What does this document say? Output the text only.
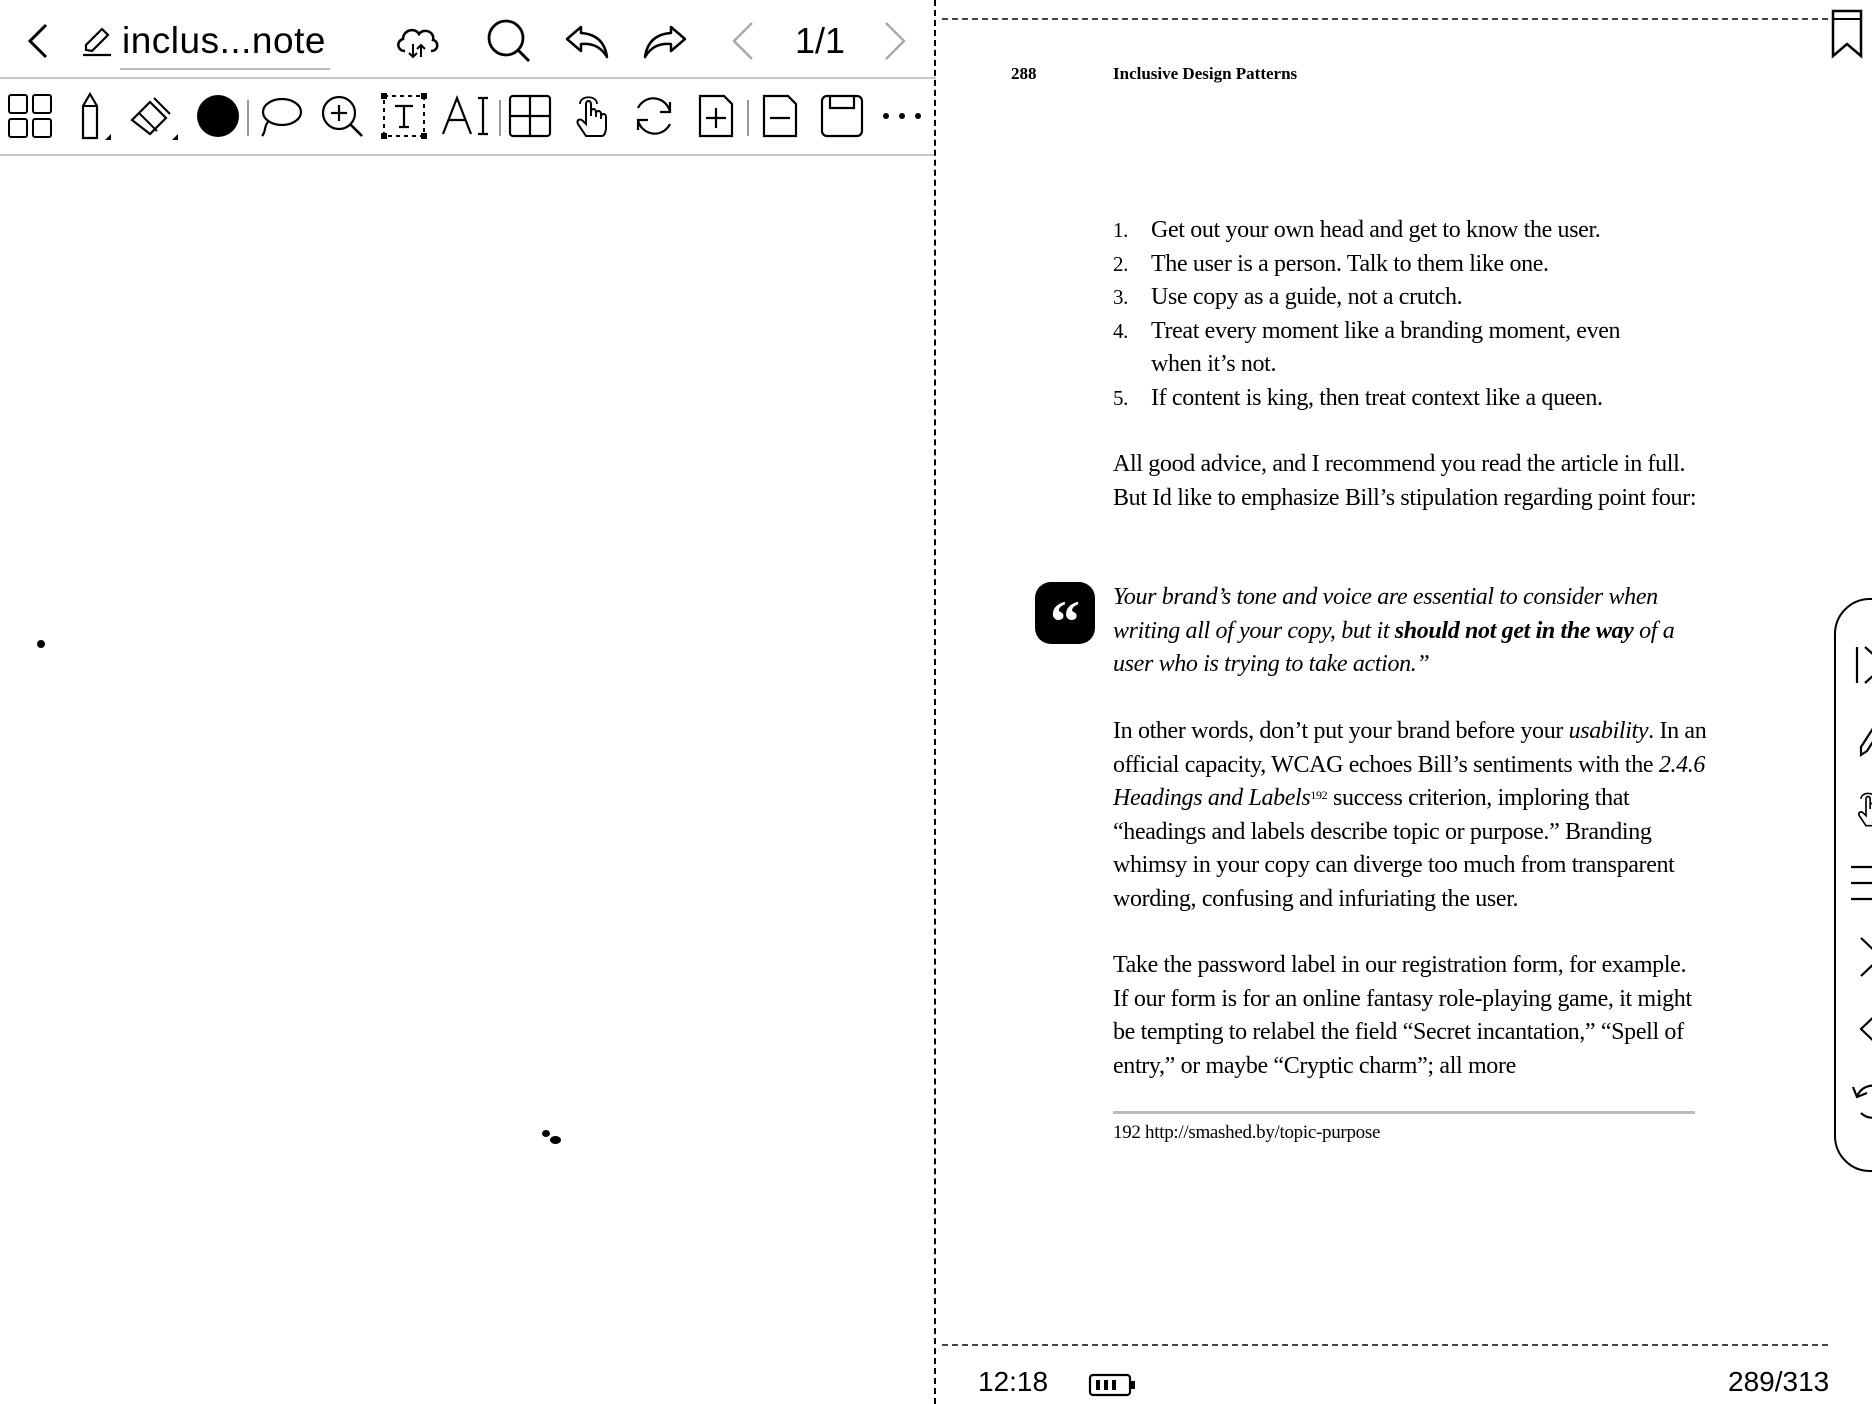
inclus...note	1/1
288	Inclusive Design Patterns
1. Get out your own head and get to know the user.
2. The user is a person. Talk to them like one.
3. Use copy as a guide, not a crutch.
4. Treat every moment like a branding moment, even when it’s not.
5. If content is king, then treat context like a queen.

All good advice, and I recommend you read the article in full. But Id like to emphasize Bill’s stipulation regarding point four:

“	Your brand’s tone and voice are essential to consider when writing all of your copy, but it should not get in the way of a user who is trying to take action.”

In other words, don’t put your brand before your usability. In an official capacity, WCAG echoes Bill’s sentiments with the 2.4.6 Headings and Labels$^{192}$ success criterion, imploring that “headings and labels describe topic or purpose.” Branding whimsy in your copy can diverge too much from transparent wording, confusing and infuriating the user.

Take the password label in our registration form, for example. If our form is for an online fantasy role-playing game, it might be tempting to relabel the field “Secret incantation,” “Spell of entry,” or maybe “Cryptic charm”; all more

192 http://smashed.by/topic-purpose
12:18	289/313
